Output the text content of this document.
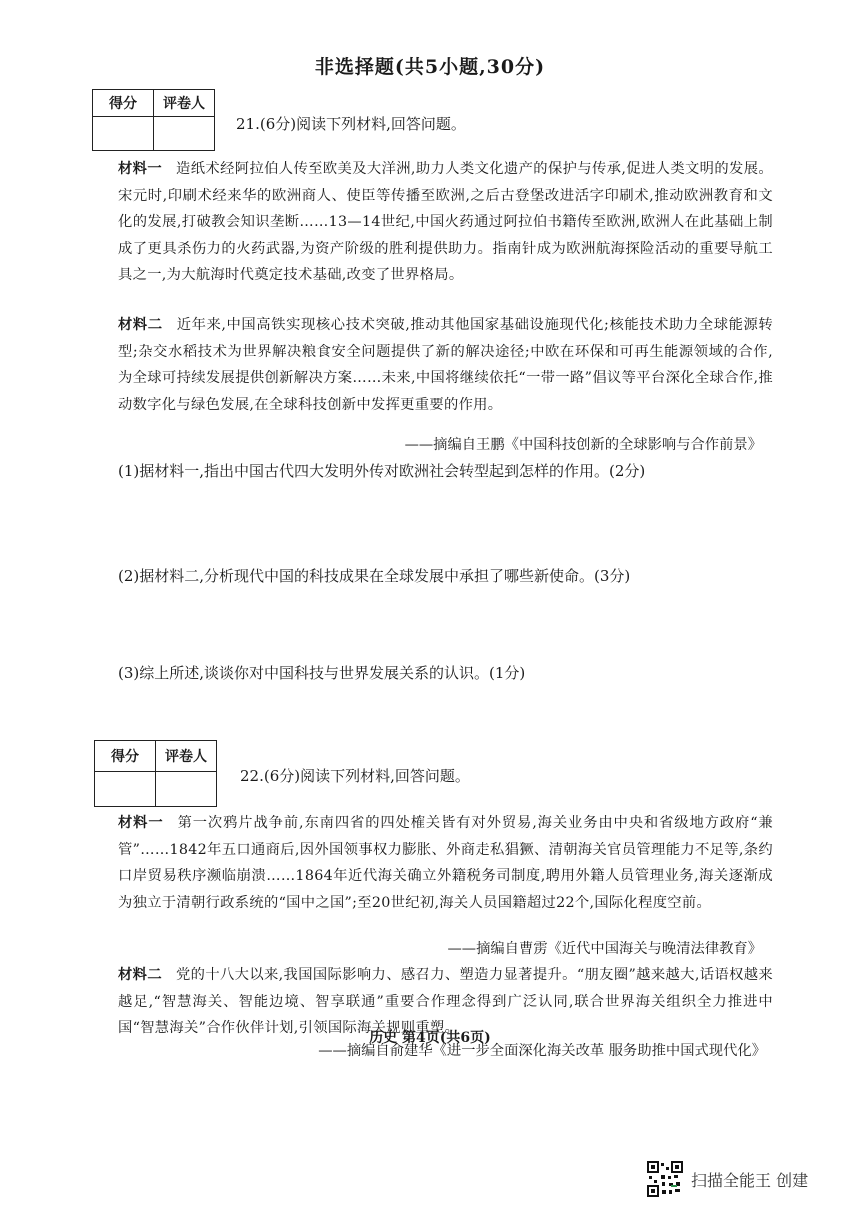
非选择题(共5小题,30分)
得分	评卷人

21.(6分)阅读下列材料,回答问题。
材料一 造纸术经阿拉伯人传至欧美及大洋洲,助力人类文化遗产的保护与传承,促进人类文明的发展。宋元时,印刷术经来华的欧洲商人、使臣等传播至欧洲,之后古登堡改进活字印刷术,推动欧洲教育和文化的发展,打破教会知识垄断……13—14世纪,中国火药通过阿拉伯书籍传至欧洲,欧洲人在此基础上制成了更具杀伤力的火药武器,为资产阶级的胜利提供助力。指南针成为欧洲航海探险活动的重要导航工具之一,为大航海时代奠定技术基础,改变了世界格局。
材料二 近年来,中国高铁实现核心技术突破,推动其他国家基础设施现代化;核能技术助力全球能源转型;杂交水稻技术为世界解决粮食安全问题提供了新的解决途径;中欧在环保和可再生能源领域的合作,为全球可持续发展提供创新解决方案……未来,中国将继续依托“一带一路”倡议等平台深化全球合作,推动数字化与绿色发展,在全球科技创新中发挥更重要的作用。
——摘编自王鹏《中国科技创新的全球影响与合作前景》
(1)据材料一,指出中国古代四大发明外传对欧洲社会转型起到怎样的作用。(2分)
(2)据材料二,分析现代中国的科技成果在全球发展中承担了哪些新使命。(3分)
(3)综上所述,谈谈你对中国科技与世界发展关系的认识。(1分)
得分	评卷人

22.(6分)阅读下列材料,回答问题。
材料一 第一次鸦片战争前,东南四省的四处榷关皆有对外贸易,海关业务由中央和省级地方政府“兼管”……1842年五口通商后,因外国领事权力膨胀、外商走私猖獗、清朝海关官员管理能力不足等,条约口岸贸易秩序濒临崩溃……1864年近代海关确立外籍税务司制度,聘用外籍人员管理业务,海关逐渐成为独立于清朝行政系统的“国中之国”;至20世纪初,海关人员国籍超过22个,国际化程度空前。
——摘编自曹雳《近代中国海关与晚清法律教育》
材料二 党的十八大以来,我国国际影响力、感召力、塑造力显著提升。“朋友圈”越来越大,话语权越来越足,“智慧海关、智能边境、智享联通”重要合作理念得到广泛认同,联合世界海关组织全力推进中国“智慧海关”合作伙伴计划,引领国际海关规则重塑。
——摘编自俞建华《进一步全面深化海关改革 服务助推中国式现代化》
历史 第4页(共6页)
扫描全能王 创建
